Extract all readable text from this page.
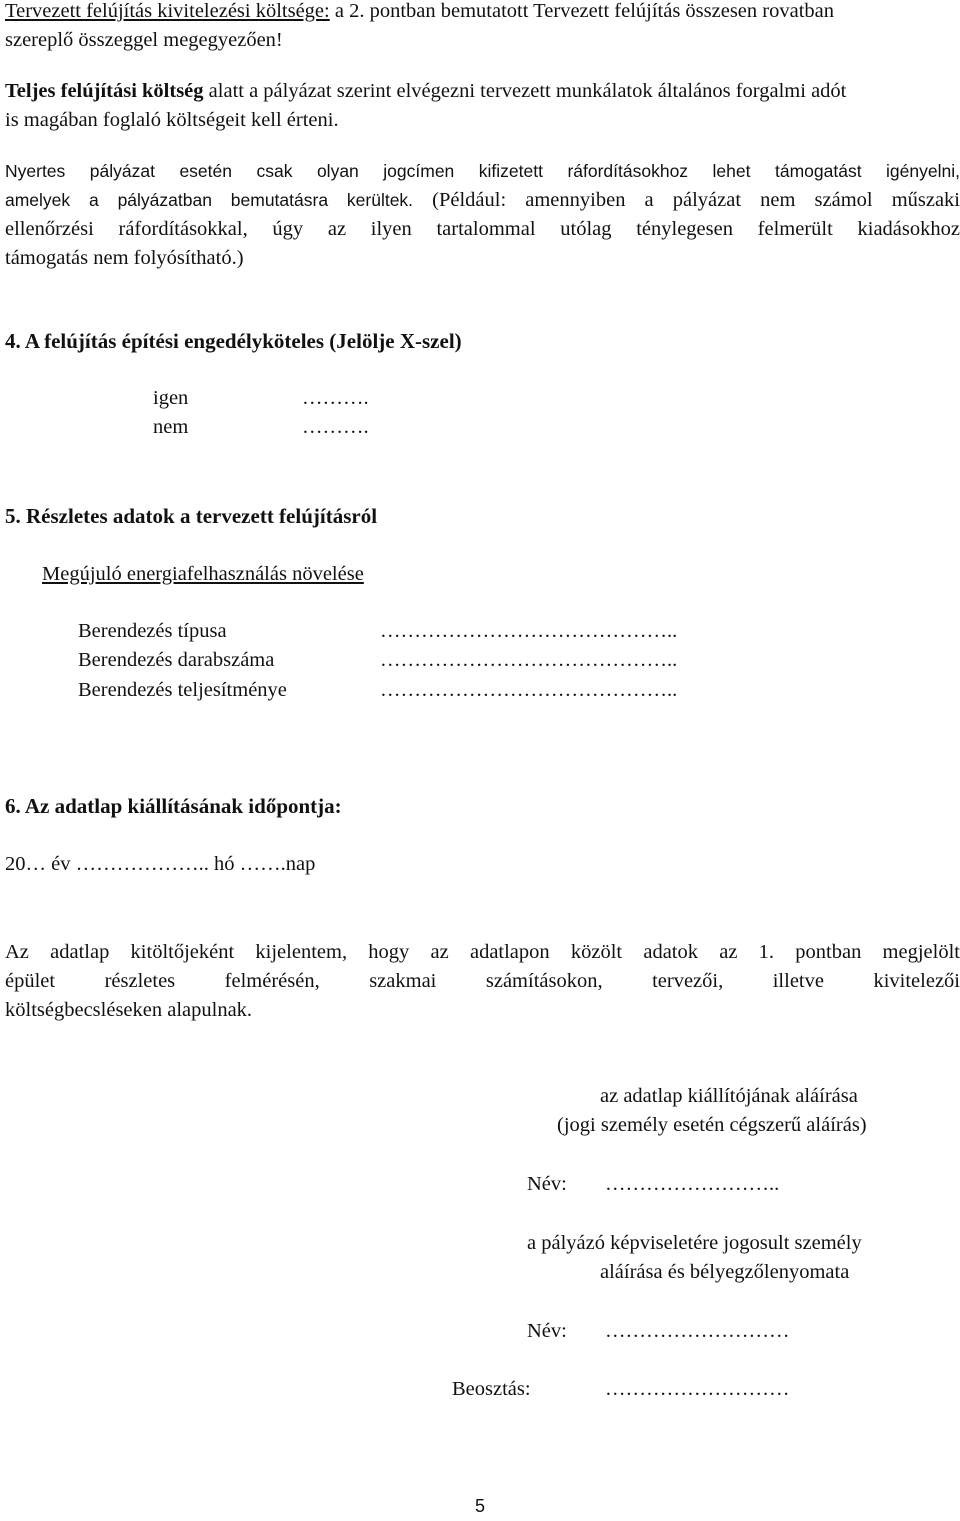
Tervezett felújítás kivitelezési költsége: a 2. pontban bemutatott Tervezett felújítás összesen rovatban
szereplő összeggel megegyezően!
Teljes felújítási költség alatt a pályázat szerint elvégezni tervezett munkálatok általános forgalmi adót
is magában foglaló költségeit kell érteni.
Nyertes pályázat esetén csak olyan jogcímen kifizetett ráfordításokhoz lehet támogatást igényelni,
amelyek a pályázatban bemutatásra kerültek. (Például: amennyiben a pályázat nem számol műszaki
ellenőrzési ráfordításokkal, úgy az ilyen tartalommal utólag ténylegesen felmerült kiadásokhoz
támogatás nem folyósítható.)
4. A felújítás építési engedélyköteles (Jelölje X-szel)
igen	……….
nem	……….
5. Részletes adatok a tervezett felújításról
Megújuló energiafelhasználás növelése
Berendezés típusa	……………………………………..
Berendezés darabszáma	……………………………………..
Berendezés teljesítménye	……………………………………..
6. Az adatlap kiállításának időpontja:
20… év ……………….. hó …….nap
Az adatlap kitöltőjeként kijelentem, hogy az adatlapon közölt adatok az 1. pontban megjelölt
épület részletes felmérésén, szakmai számításokon, tervezői, illetve kivitelezői
költségbecsléseken alapulnak.
az adatlap kiállítójának aláírása
(jogi személy esetén cégszerű aláírás)
Név: ……………………..
a pályázó képviseletére jogosult személy
aláírása és bélyegzőlenyomata
Név: ………………………
Beosztás:	………………………
5
